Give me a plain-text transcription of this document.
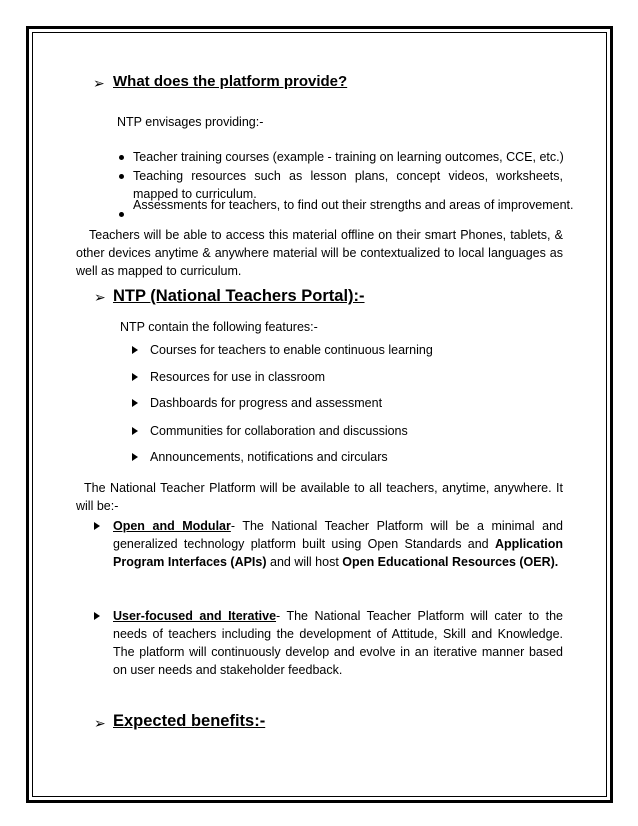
➢ What does the platform provide?
NTP envisages providing:-
Teacher training courses (example - training on learning outcomes, CCE, etc.)
Teaching resources such as lesson plans, concept videos, worksheets, mapped to curriculum.
Assessments for teachers, to find out their strengths and areas of improvement.
Teachers will be able to access this material offline on their smart Phones, tablets, & other devices anytime & anywhere material will be contextualized to local languages as well as mapped to curriculum.
➢ NTP (National Teachers Portal):-
NTP contain the following features:-
Courses for teachers to enable continuous learning
Resources for use in classroom
Dashboards for progress and assessment
Communities for collaboration and discussions
Announcements, notifications and circulars
The National Teacher Platform will be available to all teachers, anytime, anywhere. It will be:-
Open and Modular- The National Teacher Platform will be a minimal and generalized technology platform built using Open Standards and Application Program Interfaces (APIs) and will host Open Educational Resources (OER).
User-focused and Iterative- The National Teacher Platform will cater to the needs of teachers including the development of Attitude, Skill and Knowledge. The platform will continuously develop and evolve in an iterative manner based on user needs and stakeholder feedback.
➢ Expected benefits:-
